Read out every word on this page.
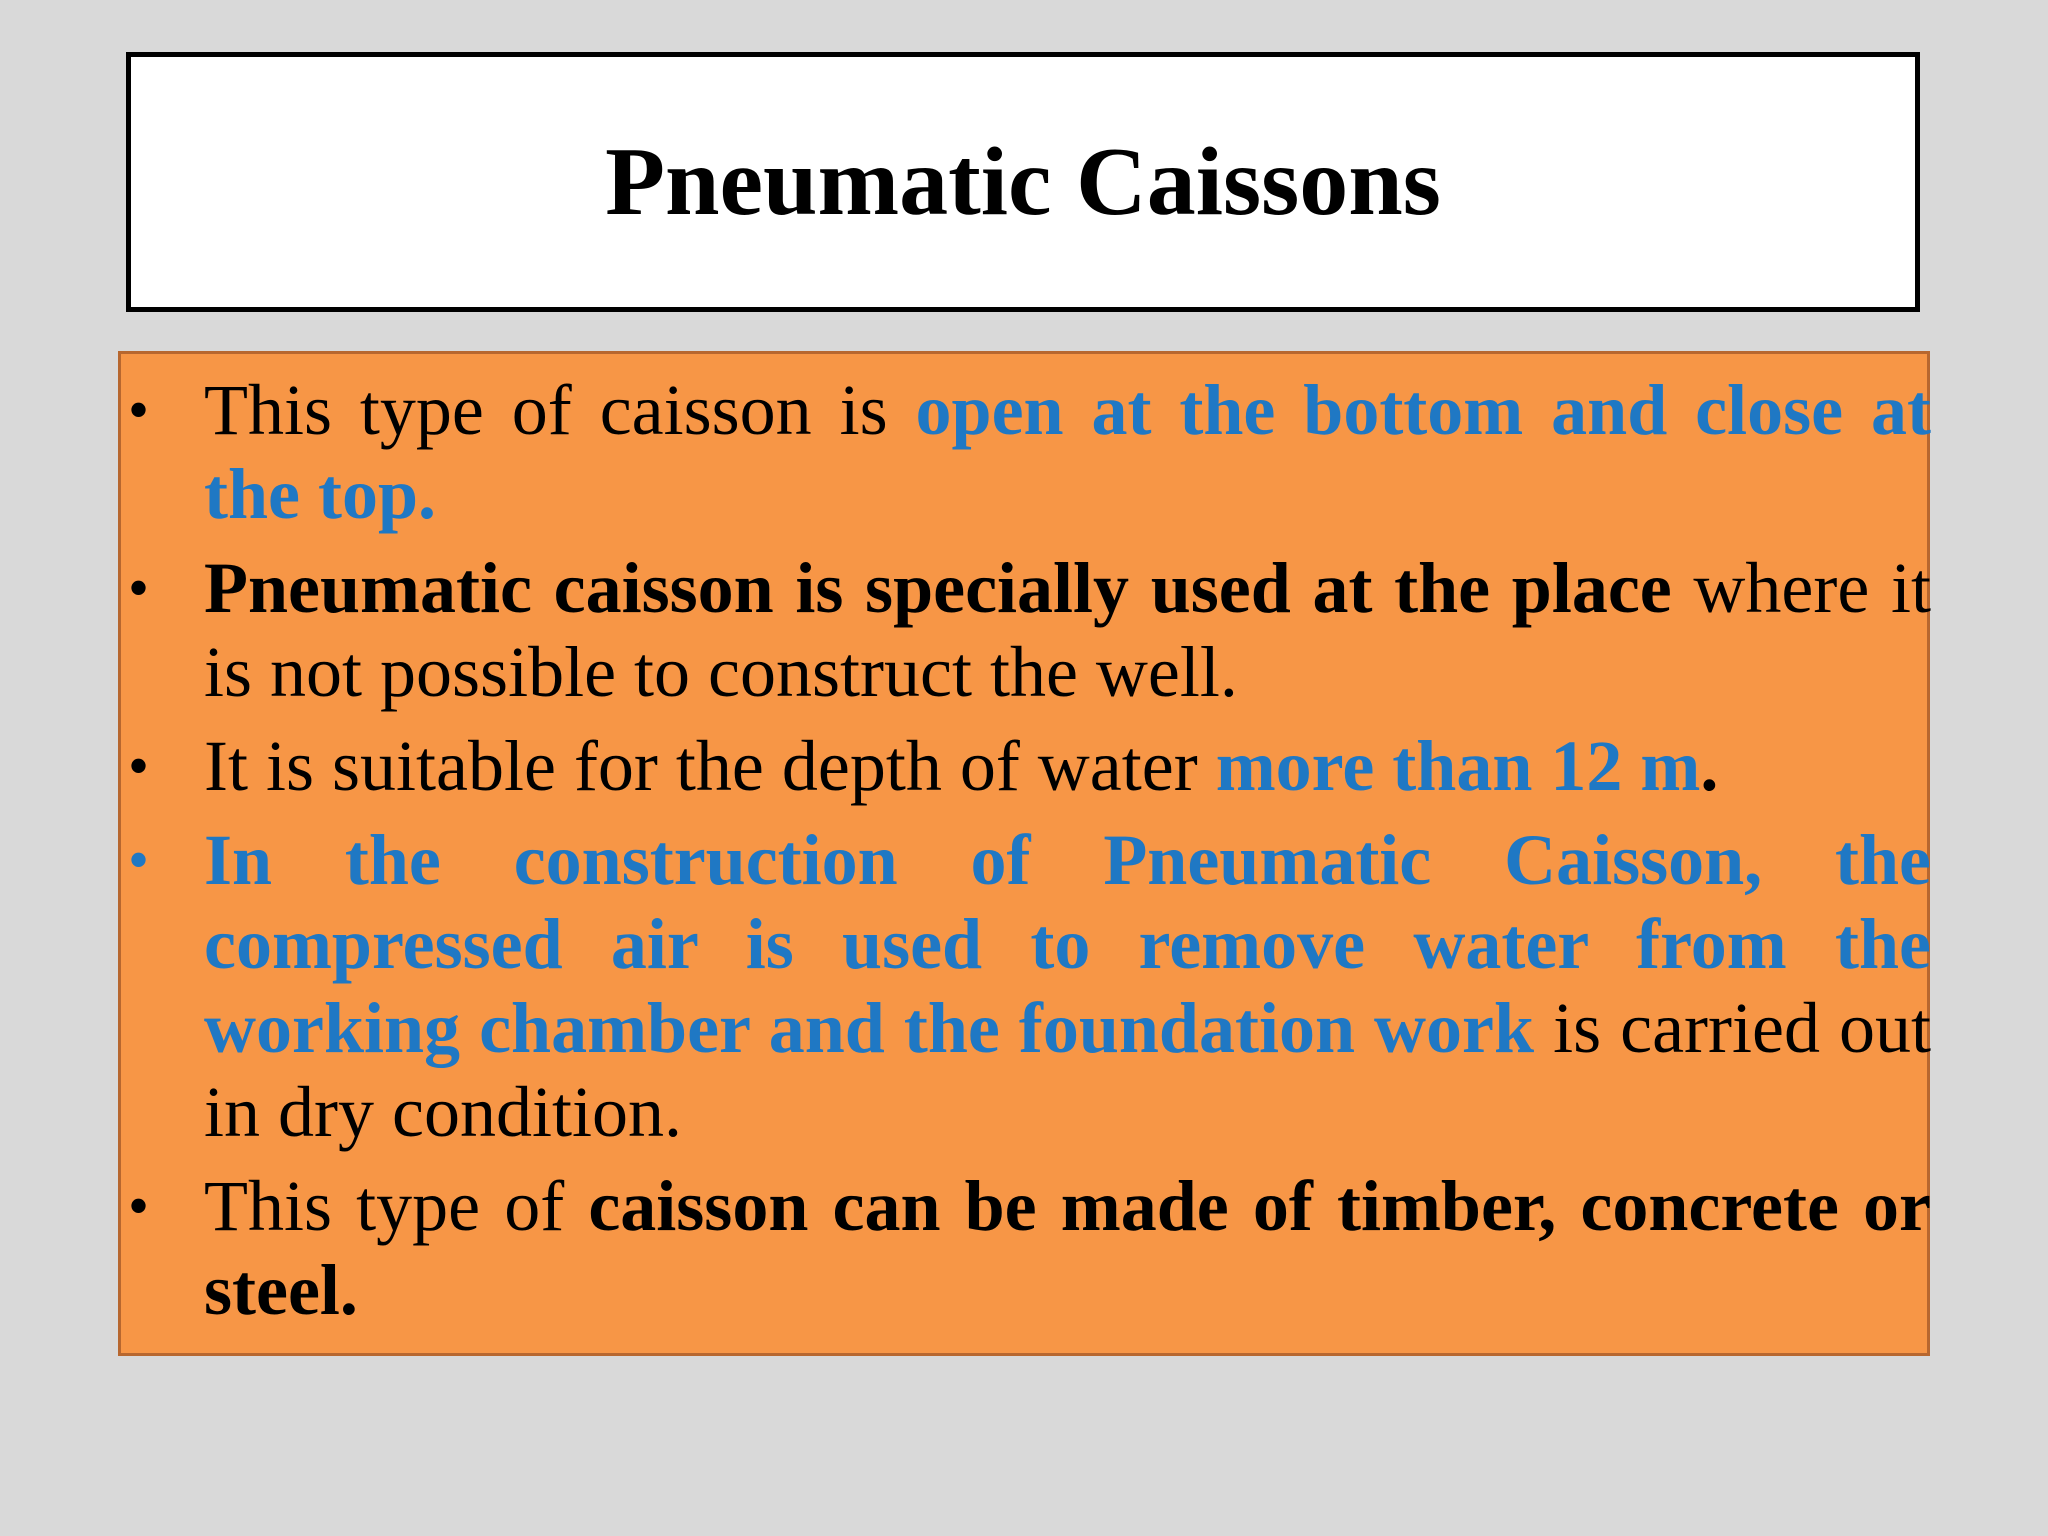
Pneumatic Caissons
• This type of caisson is open at the bottom and close at the top.
• Pneumatic caisson is specially used at the place where it is not possible to construct the well.
• It is suitable for the depth of water more than 12 m.
• In the construction of Pneumatic Caisson, the compressed air is used to remove water from the working chamber and the foundation work is carried out in dry condition.
• This type of caisson can be made of timber, concrete or steel.
